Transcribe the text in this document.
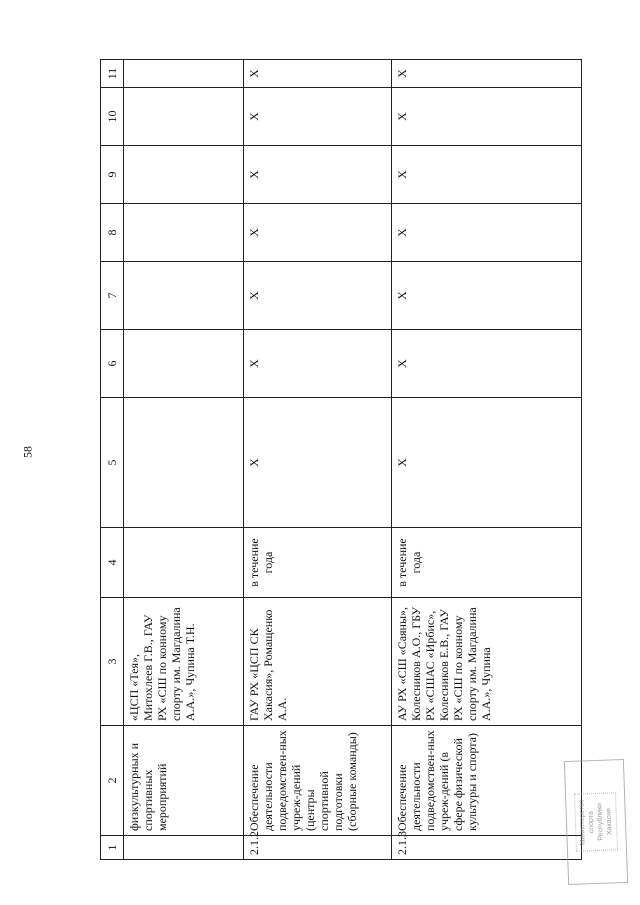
58
1	2	3	4	5	6	7	8	9	10	11
	физкультурных и спортивных мероприятий	«ЦСП «Тея», Митохлеев Г.В., ГАУ РХ «СШ по конному спорту им. Магдалина А.А.», Чупина Т.Н.								
2.1.2	Обеспечение деятельности подведомствен-ных учреж-дений (центры спортивной подготовки (сборные команды)	ГАУ РХ «ЦСП СК Хакасия», Ромащенко А.А.	в течение года	X	X	X	X	X	X	X
2.1.3	Обеспечение деятельности подведомствен-ных учреж-дений (в сфере физической культуры и спорта)	АУ РХ «СШ «Саяны», Колесников А.О., ГБУ РХ «СШАС «Ирбис», Колесников Е.В., ГАУ РХ «СШ по конному спорту им. Магдалина А.А.», Чупина	в течение года	X	X	X	X	X	X	X
Министерство спорта Республики Хакасия
